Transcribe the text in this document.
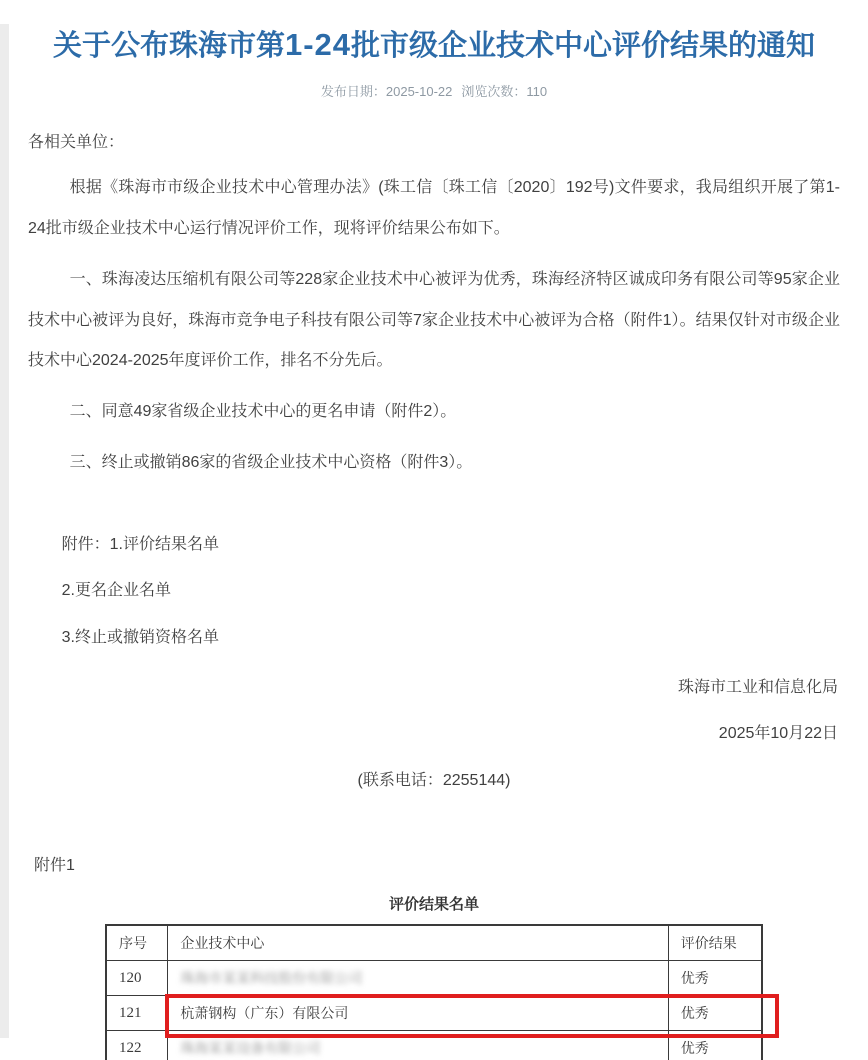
关于公布珠海市第1-24批市级企业技术中心评价结果的通知
发布日期：2025-10-22 浏览次数：110

各相关单位：

根据《珠海市市级企业技术中心管理办法》(珠工信〔珠工信〔2020〕192号)文件要求，我局组织开展了第1-24批市级企业技术中心运行情况评价工作，现将评价结果公布如下。

一、珠海凌达压缩机有限公司等228家企业技术中心被评为优秀，珠海经济特区诚成印务有限公司等95家企业技术中心被评为良好，珠海市竞争电子科技有限公司等7家企业技术中心被评为合格（附件1）。结果仅针对市级企业技术中心2024-2025年度评价工作，排名不分先后。

二、同意49家省级企业技术中心的更名申请（附件2）。

三、终止或撤销86家的省级企业技术中心资格（附件3）。

附件：1.评价结果名单

2.更名企业名单

3.终止或撤销资格名单

珠海市工业和信息化局

2025年10月22日

(联系电话：2255144)

附件1

评价结果名单

序号	企业技术中心	评价结果
120	珠海市某某科技股份有限公司	优秀
121	杭萧钢构（广东）有限公司	优秀
122	珠海某某设备有限公司	优秀
